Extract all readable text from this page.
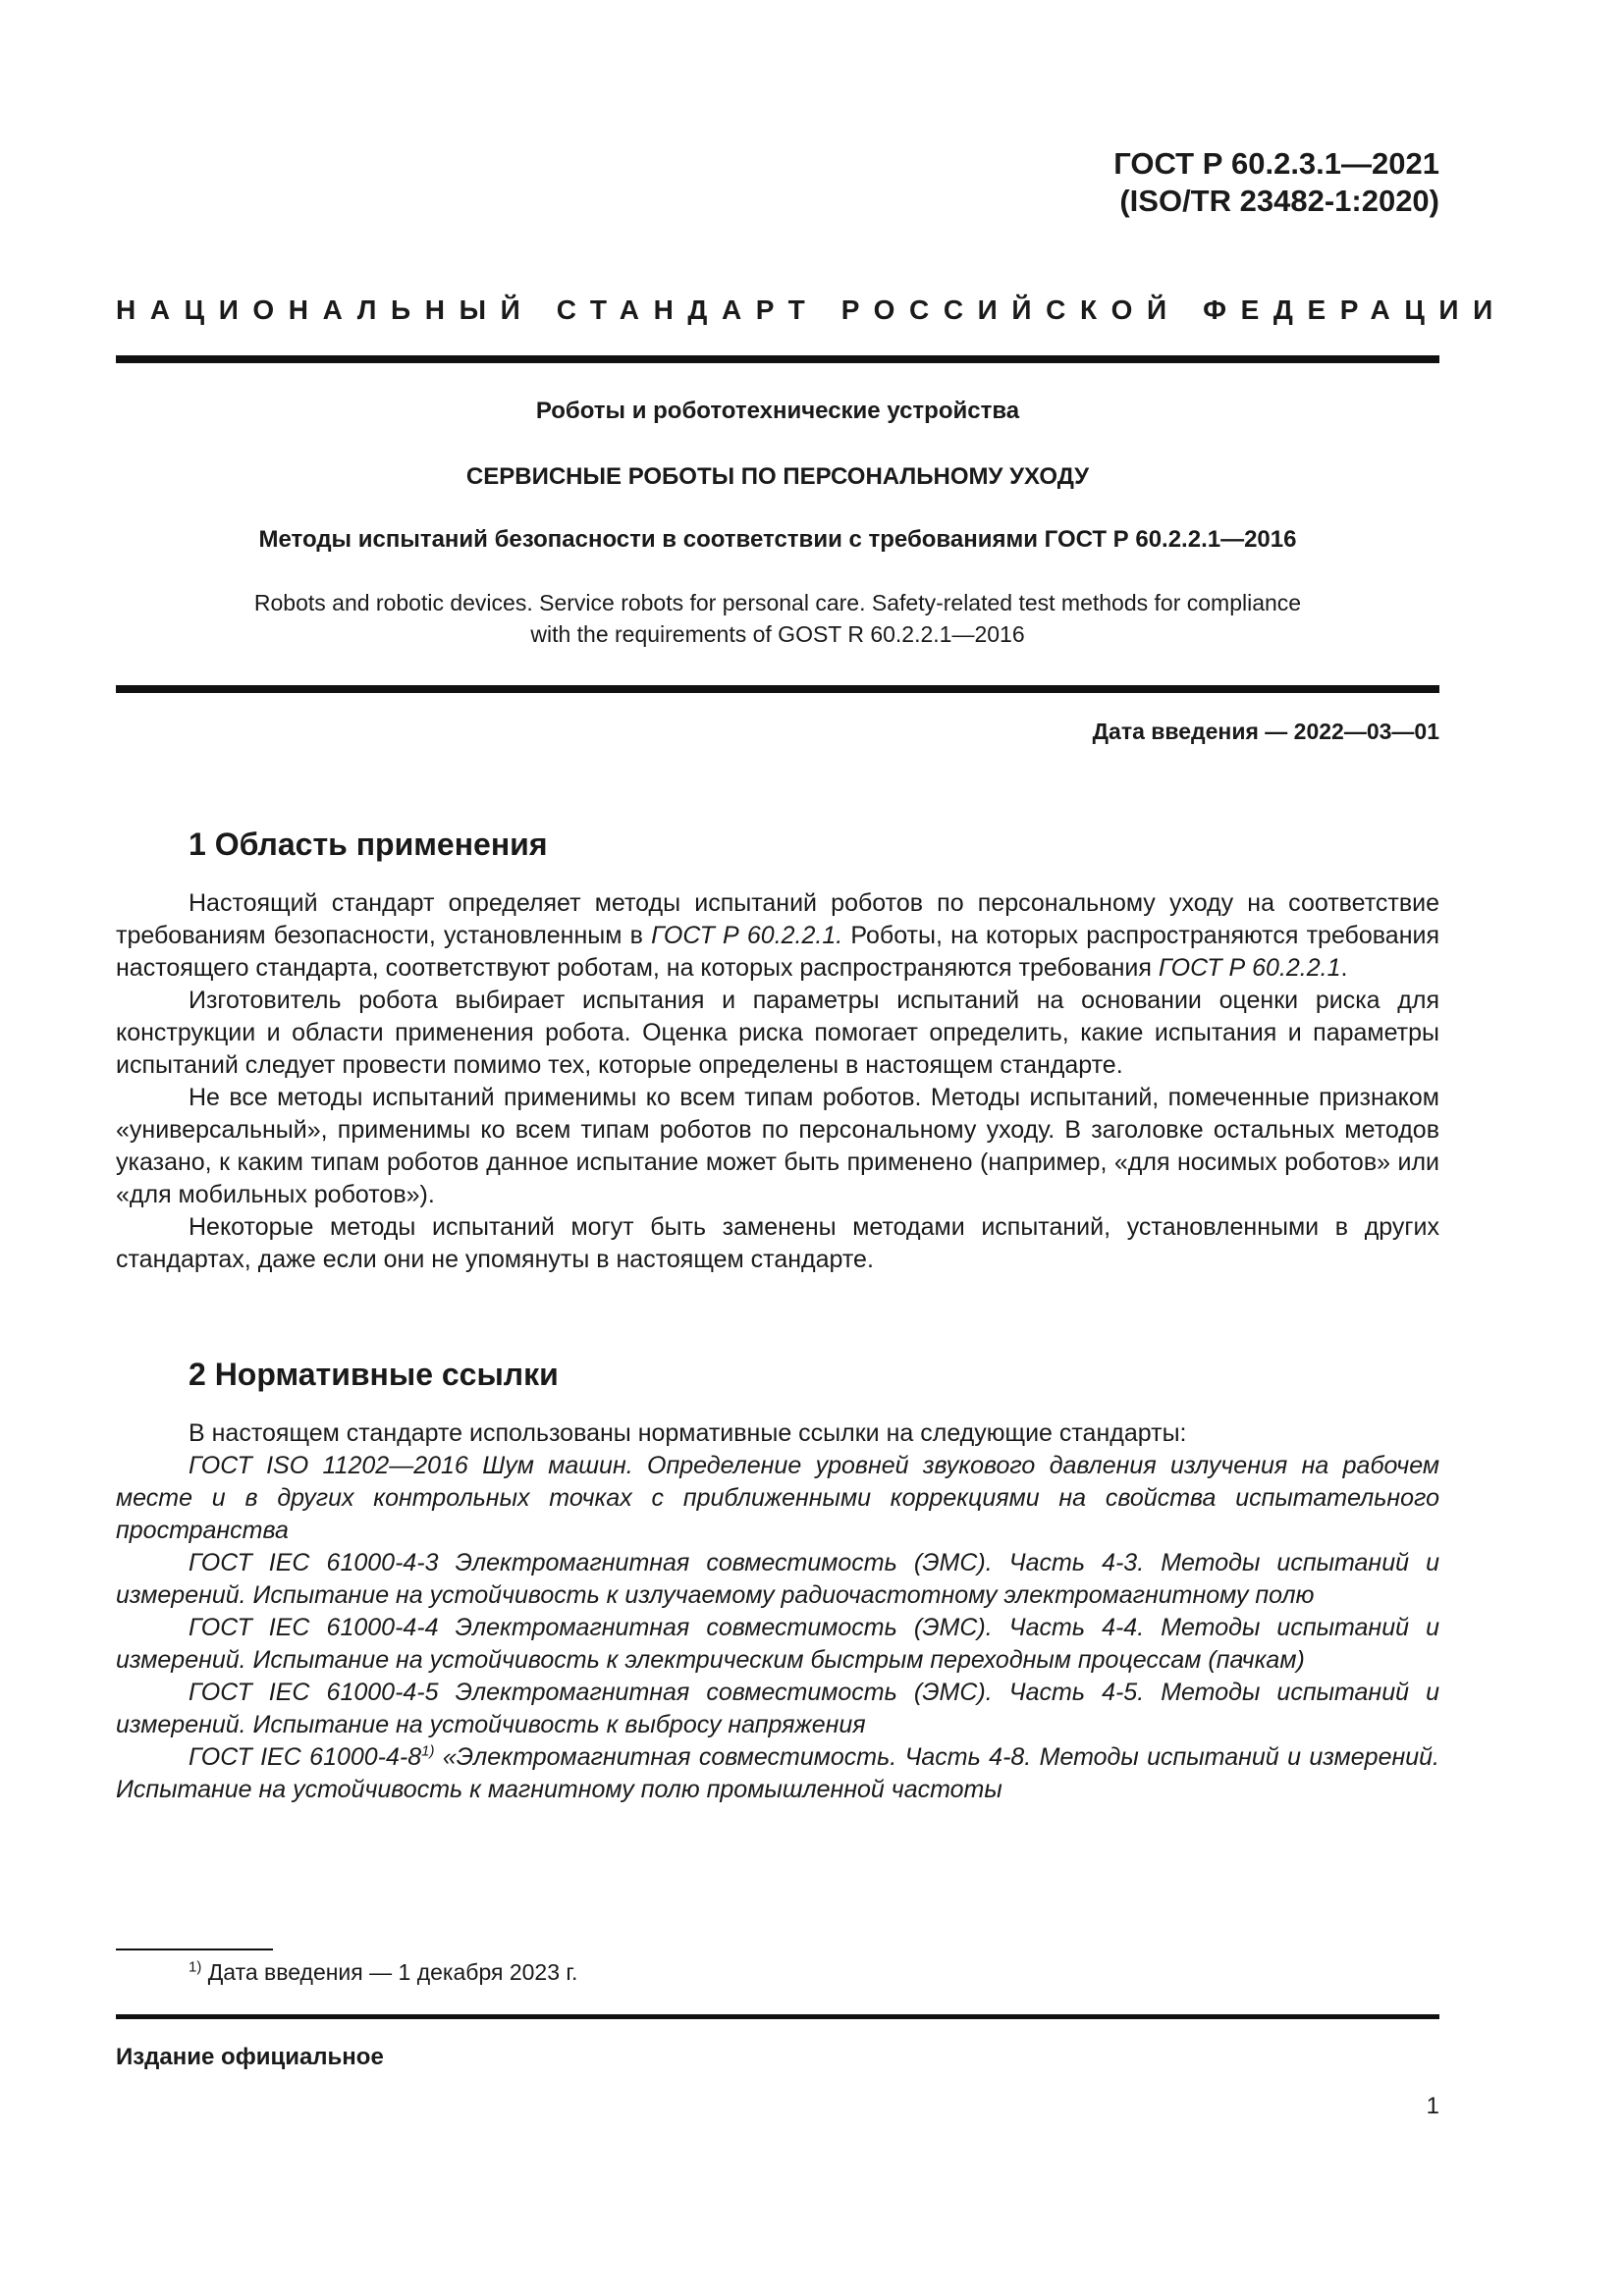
ГОСТ Р 60.2.3.1—2021
(ISO/TR 23482-1:2020)
НАЦИОНАЛЬНЫЙ СТАНДАРТ РОССИЙСКОЙ ФЕДЕРАЦИИ
Роботы и робототехнические устройства
СЕРВИСНЫЕ РОБОТЫ ПО ПЕРСОНАЛЬНОМУ УХОДУ
Методы испытаний безопасности в соответствии с требованиями ГОСТ Р 60.2.2.1—2016
Robots and robotic devices. Service robots for personal care. Safety-related test methods for compliance
with the requirements of GOST R 60.2.2.1—2016
Дата введения — 2022—03—01
1 Область применения

Настоящий стандарт определяет методы испытаний роботов по персональному уходу на соответствие требованиям безопасности, установленным в ГОСТ Р 60.2.2.1. Роботы, на которых распространяются требования настоящего стандарта, соответствуют роботам, на которых распространяются требования ГОСТ Р 60.2.2.1.

Изготовитель робота выбирает испытания и параметры испытаний на основании оценки риска для конструкции и области применения робота. Оценка риска помогает определить, какие испытания и параметры испытаний следует провести помимо тех, которые определены в настоящем стандарте.

Не все методы испытаний применимы ко всем типам роботов. Методы испытаний, помеченные признаком «универсальный», применимы ко всем типам роботов по персональному уходу. В заголовке остальных методов указано, к каким типам роботов данное испытание может быть применено (например, «для носимых роботов» или «для мобильных роботов»).

Некоторые методы испытаний могут быть заменены методами испытаний, установленными в других стандартах, даже если они не упомянуты в настоящем стандарте.

2 Нормативные ссылки

В настоящем стандарте использованы нормативные ссылки на следующие стандарты:

ГОСТ ISO 11202—2016 Шум машин. Определение уровней звукового давления излучения на рабочем месте и в других контрольных точках с приближенными коррекциями на свойства испытательного пространства

ГОСТ IEC 61000-4-3 Электромагнитная совместимость (ЭМС). Часть 4-3. Методы испытаний и измерений. Испытание на устойчивость к излучаемому радиочастотному электромагнитному полю

ГОСТ IEC 61000-4-4 Электромагнитная совместимость (ЭМС). Часть 4-4. Методы испытаний и измерений. Испытание на устойчивость к электрическим быстрым переходным процессам (пачкам)

ГОСТ IEC 61000-4-5 Электромагнитная совместимость (ЭМС). Часть 4-5. Методы испытаний и измерений. Испытание на устойчивость к выбросу напряжения

ГОСТ IEC 61000-4-8$^{1)}$ «Электромагнитная совместимость. Часть 4-8. Методы испытаний и измерений. Испытание на устойчивость к магнитному полю промышленной частоты

$^{1)}$ Дата введения — 1 декабря 2023 г.
Издание официальное
1
